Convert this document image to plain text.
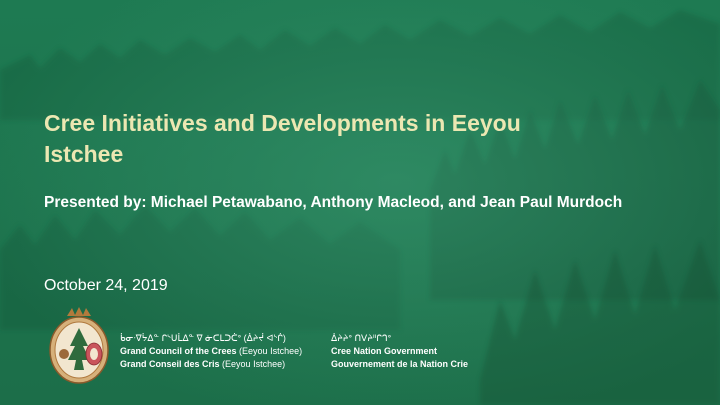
Cree Initiatives and Developments in Eeyou Istchee

Presented by: Michael Petawabano, Anthony Macleod, and Jean Paul Murdoch

October 24, 2019
ᑳᓂᐧᐁᔮᐃᓐ ᒋᔅᑌᒫᐃᓐ ᐁ ᓃᑕᒪᑐᑖᐤ (ᐄᔨᔫ ᐊᔅᒌ)
Grand Council of the Crees (Eeyou Istchee)
Grand Conseil des Cris (Eeyou Istchee)
ᐄᔨᔨᐤ ᑎᐯᔨᐦᒋᒉᐤ
Cree Nation Government
Gouvernement de la Nation Crie
